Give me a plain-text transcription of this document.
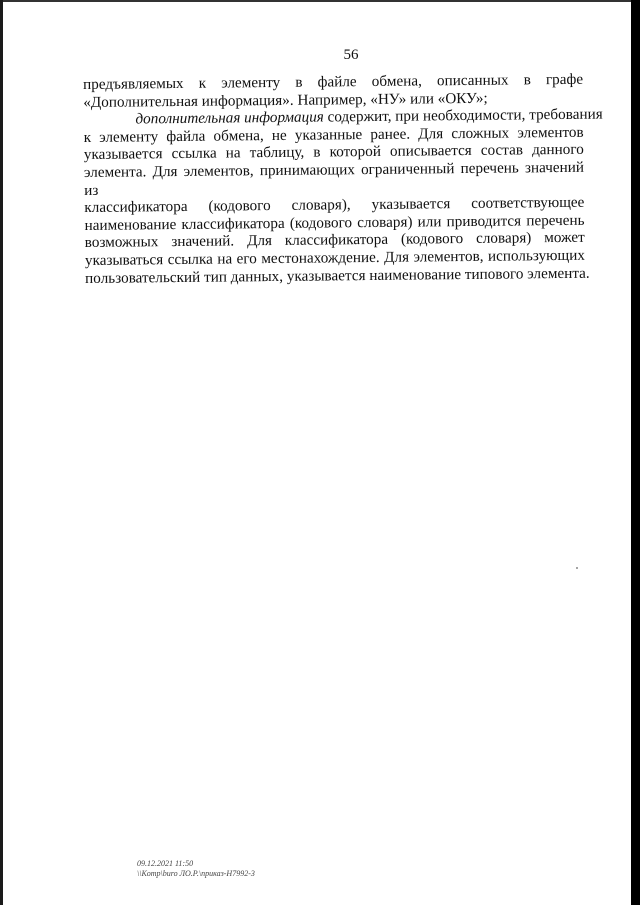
56
предъявляемых к элементу в файле обмена, описанных в графе
«Дополнительная информация». Например, «НУ» или «ОКУ»;
дополнительная информация содержит, при необходимости, требования
к элементу файла обмена, не указанные ранее. Для сложных элементов
указывается ссылка на таблицу, в которой описывается состав данного
элемента. Для элементов, принимающих ограниченный перечень значений из
классификатора (кодового словаря), указывается соответствующее
наименование классификатора (кодового словаря) или приводится перечень
возможных значений. Для классификатора (кодового словаря) может
указываться ссылка на его местонахождение. Для элементов, использующих
пользовательский тип данных, указывается наименование типового элемента.
09.12.2021 11:50
\\Komp\buro ЛО.Р.\приказ-Н7992-3
